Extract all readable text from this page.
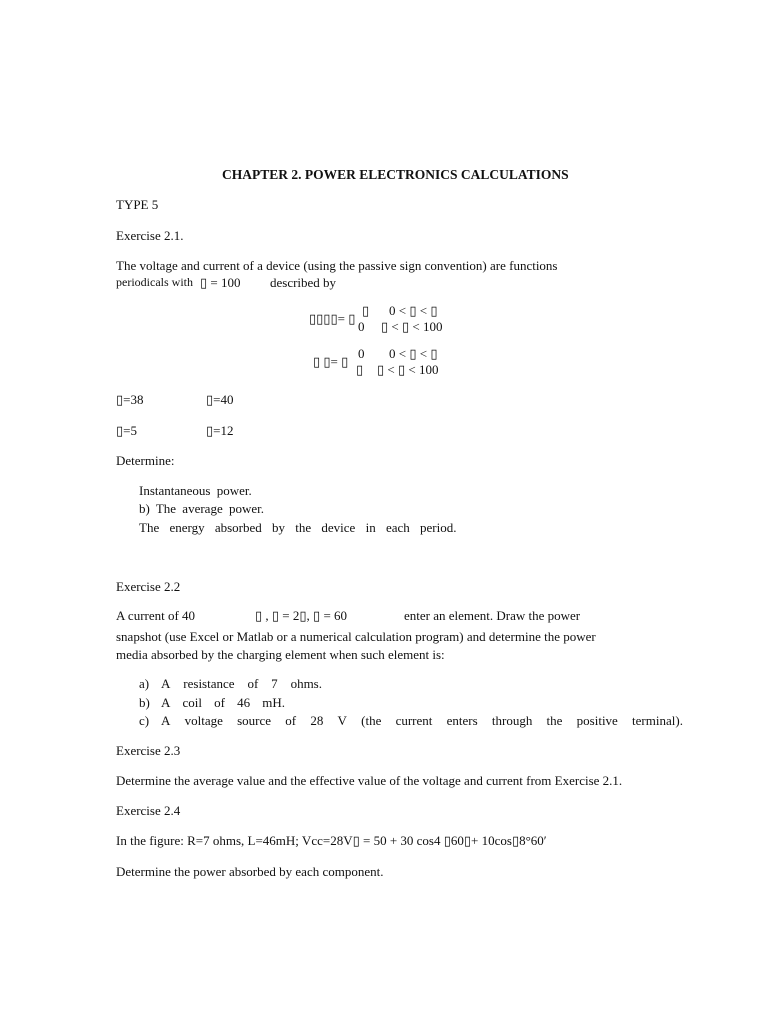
CHAPTER 2. POWER ELECTRONICS CALCULATIONS
TYPE 5
Exercise 2.1.
The voltage and current of a device (using the passive sign convention) are functions
periodicals with ▯ = 100 described by
▯▯▯▯= ▯
▯ 0 < ▯ < ▯
0 ▯ < ▯ < 100
▯ ▯= ▯
0 0 < ▯ < ▯
▯ ▯ < ▯ < 100
▯=38	▯=40
▯=5	▯=12
Determine:
Instantaneous power.
b) The average power.
The energy absorbed by the device in each period.
Exercise 2.2
A current of 40	▯ , ▯ = 2▯, ▯ = 60	enter an element. Draw the power
snapshot (use Excel or Matlab or a numerical calculation program) and determine the power
media absorbed by the charging element when such element is:
a) A resistance of 7 ohms.
b) A coil of 46 mH.
c) A voltage source of 28 V (the current enters through the positive terminal).
Exercise 2.3
Determine the average value and the effective value of the voltage and current from Exercise 2.1.
Exercise 2.4
In the figure: R=7 ohms, L=46mH; Vcc=28V▯ = 50 + 30 cos4 ▯60▯+ 10cos▯8°60′
Determine the power absorbed by each component.
